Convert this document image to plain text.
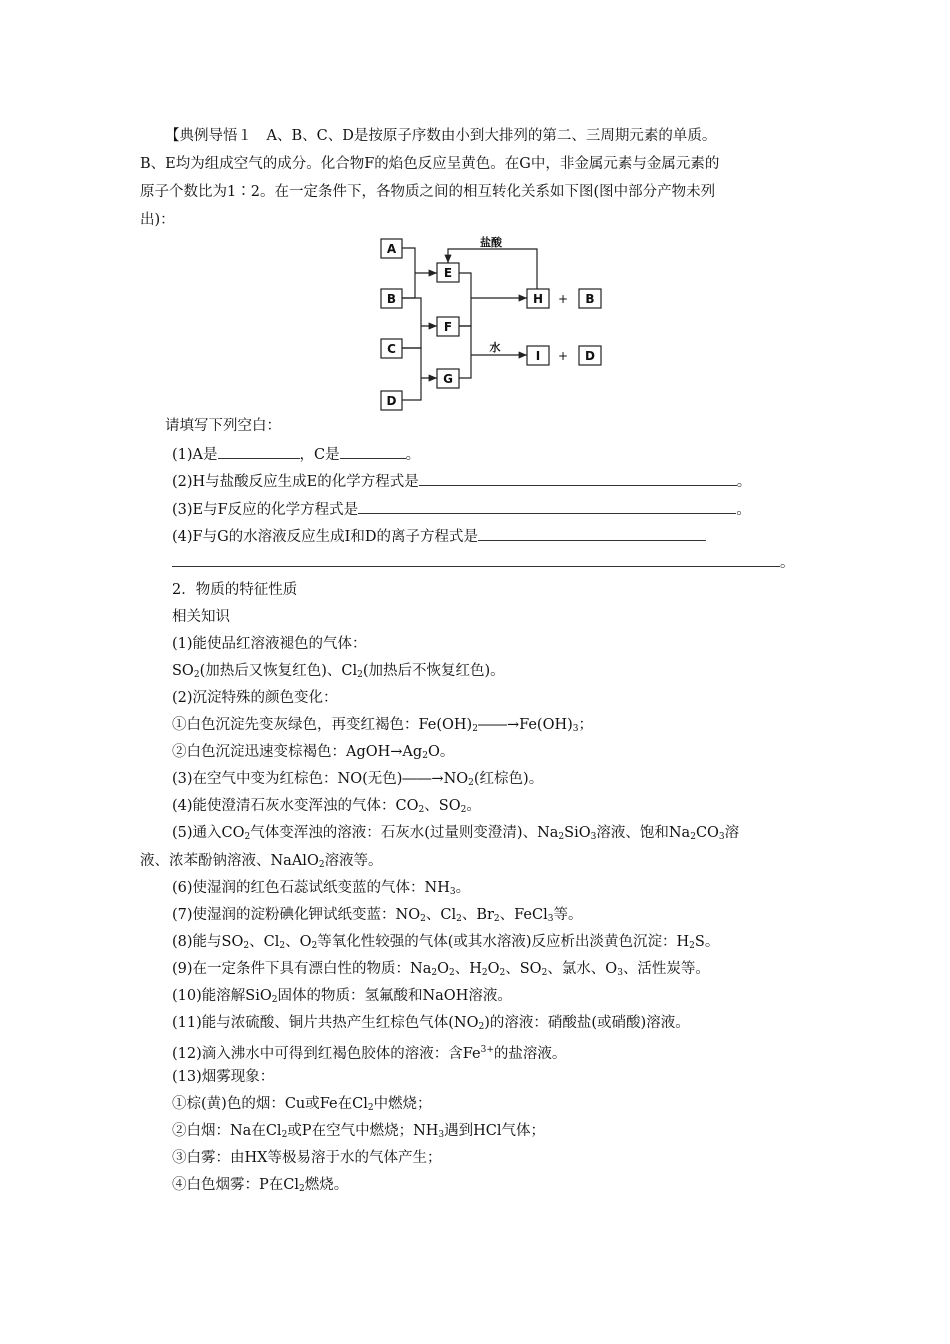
【典例导悟１　A、B、C、D是按原子序数由小到大排列的第二、三周期元素的单质。
B、E均为组成空气的成分。化合物F的焰色反应呈黄色。在G中，非金属元素与金属元素的
原子个数比为1∶2。在一定条件下，各物质之间的相互转化关系如下图(图中部分产物未列
出)：
A
B
C
D
E
F
G
H	B
I	D
+
+
盐酸
水
请填写下列空白：
(1)A是	，C是	。
(2)H与盐酸反应生成E的化学方程式是	。
(3)E与F反应的化学方程式是	。
(4)F与G的水溶液反应生成I和D的离子方程式是
。
2．物质的特征性质
相关知识
(1)能使品红溶液褪色的气体：
$SO_2$(加热后又恢复红色)、$Cl_2$(加热后不恢复红色)。
(2)沉淀特殊的颜色变化：
①白色沉淀先变灰绿色，再变红褐色：$Fe(OH)_2――\to Fe(OH)_3$；
②白色沉淀迅速变棕褐色：$AgOH\to Ag_2O$。
(3)在空气中变为红棕色：NO(无色)$――\to NO_2$(红棕色)。
(4)能使澄清石灰水变浑浊的气体：$CO_2$、$SO_2$。
(5)通入$CO_2$气体变浑浊的溶液：石灰水(过量则变澄清)、$Na_2SiO_3$溶液、饱和$Na_2CO_3$溶
液、浓苯酚钠溶液、NaAlO$_2$溶液等。
(6)使湿润的红色石蕊试纸变蓝的气体：$NH_3$。
(7)使湿润的淀粉碘化钾试纸变蓝：$NO_2$、$Cl_2$、$Br_2$、FeCl$_3$等。
(8)能与$SO_2$、$Cl_2$、$O_2$等氧化性较强的气体(或其水溶液)反应析出淡黄色沉淀：$H_2S$。
(9)在一定条件下具有漂白性的物质：$Na_2O_2$、$H_2O_2$、$SO_2$、氯水、$O_3$、活性炭等。
(10)能溶解SiO$_2$固体的物质：氢氟酸和NaOH溶液。
(11)能与浓硫酸、铜片共热产生红棕色气体$(NO_2)$的溶液：硝酸盐(或硝酸)溶液。
(12)滴入沸水中可得到红褐色胶体的溶液：含$Fe^{3+}$的盐溶液。
(13)烟雾现象：
①棕(黄)色的烟：Cu或Fe在$Cl_2$中燃烧；
②白烟：Na在$Cl_2$或P在空气中燃烧；$NH_3$遇到HCl气体；
③白雾：由HX等极易溶于水的气体产生；
④白色烟雾：P在$Cl_2$燃烧。
